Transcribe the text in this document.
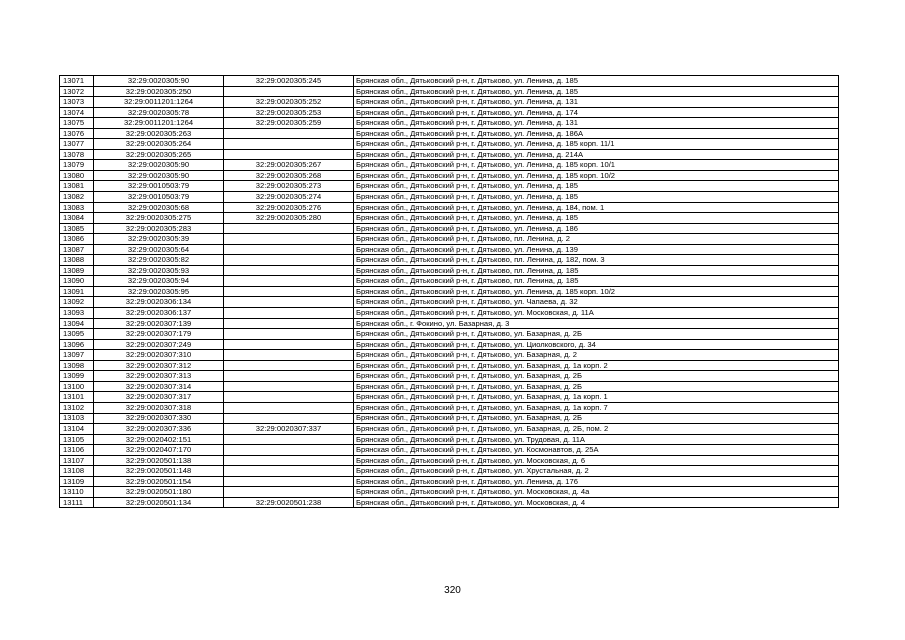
13071	32:29:0020305:90	32:29:0020305:245	Брянская обл., Дятьковский р-н, г. Дятьково, ул. Ленина, д. 185
13072	32:29:0020305:250		Брянская обл., Дятьковский р-н, г. Дятьково, ул. Ленина, д. 185
13073	32:29:0011201:1264	32:29:0020305:252	Брянская обл., Дятьковский р-н, г. Дятьково, ул. Ленина, д. 131
13074	32:29:0020305:78	32:29:0020305:253	Брянская обл., Дятьковский р-н, г. Дятьково, ул. Ленина, д. 174
13075	32:29:0011201:1264	32:29:0020305:259	Брянская обл., Дятьковский р-н, г. Дятьково, ул. Ленина, д. 131
13076	32:29:0020305:263		Брянская обл., Дятьковский р-н, г. Дятьково, ул. Ленина, д. 186А
13077	32:29:0020305:264		Брянская обл., Дятьковский р-н, г. Дятьково, ул. Ленина, д. 185 корп. 11/1
13078	32:29:0020305:265		Брянская обл., Дятьковский р-н, г. Дятьково, ул. Ленина, д. 214А
13079	32:29:0020305:90	32:29:0020305:267	Брянская обл., Дятьковский р-н, г. Дятьково, ул. Ленина, д. 185 корп. 10/1
13080	32:29:0020305:90	32:29:0020305:268	Брянская обл., Дятьковский р-н, г. Дятьково, ул. Ленина, д. 185 корп. 10/2
13081	32:29:0010503:79	32:29:0020305:273	Брянская обл., Дятьковский р-н, г. Дятьково, ул. Ленина, д. 185
13082	32:29:0010503:79	32:29:0020305:274	Брянская обл., Дятьковский р-н, г. Дятьково, ул. Ленина, д. 185
13083	32:29:0020305:68	32:29:0020305:276	Брянская обл., Дятьковский р-н, г. Дятьково, ул. Ленина, д. 184, пом. 1
13084	32:29:0020305:275	32:29:0020305:280	Брянская обл., Дятьковский р-н, г. Дятьково, ул. Ленина, д. 185
13085	32:29:0020305:283		Брянская обл., Дятьковский р-н, г. Дятьково, ул. Ленина, д. 186
13086	32:29:0020305:39		Брянская обл., Дятьковский р-н, г. Дятьково, пл. Ленина, д. 2
13087	32:29:0020305:64		Брянская обл., Дятьковский р-н, г. Дятьково, ул. Ленина, д. 139
13088	32:29:0020305:82		Брянская обл., Дятьковский р-н, г. Дятьково, пл. Ленина, д. 182, пом. 3
13089	32:29:0020305:93		Брянская обл., Дятьковский р-н, г. Дятьково, пл. Ленина, д. 185
13090	32:29:0020305:94		Брянская обл., Дятьковский р-н, г. Дятьково, пл. Ленина, д. 185
13091	32:29:0020305:95		Брянская обл., Дятьковский р-н, г. Дятьково, ул. Ленина, д. 185 корп. 10/2
13092	32:29:0020306:134		Брянская обл., Дятьковский р-н, г. Дятьково, ул. Чапаева, д. 32
13093	32:29:0020306:137		Брянская обл., Дятьковский р-н, г. Дятьково, ул. Московская, д. 11А
13094	32:29:0020307:139		Брянская обл., г. Фокино, ул. Базарная, д. 3
13095	32:29:0020307:179		Брянская обл., Дятьковский р-н, г. Дятьково, ул. Базарная, д. 2Б
13096	32:29:0020307:249		Брянская обл., Дятьковский р-н, г. Дятьково, ул. Циолковского, д. 34
13097	32:29:0020307:310		Брянская обл., Дятьковский р-н, г. Дятьково, ул. Базарная, д. 2
13098	32:29:0020307:312		Брянская обл., Дятьковский р-н, г. Дятьково, ул. Базарная, д. 1а корп. 2
13099	32:29:0020307:313		Брянская обл., Дятьковский р-н, г. Дятьково, ул. Базарная, д. 2Б
13100	32:29:0020307:314		Брянская обл., Дятьковский р-н, г. Дятьково, ул. Базарная, д. 2Б
13101	32:29:0020307:317		Брянская обл., Дятьковский р-н, г. Дятьково, ул. Базарная, д. 1а корп. 1
13102	32:29:0020307:318		Брянская обл., Дятьковский р-н, г. Дятьково, ул. Базарная, д. 1а корп. 7
13103	32:29:0020307:330		Брянская обл., Дятьковский р-н, г. Дятьково, ул. Базарная, д. 2Б
13104	32:29:0020307:336	32:29:0020307:337	Брянская обл., Дятьковский р-н, г. Дятьково, ул. Базарная, д. 2Б, пом. 2
13105	32:29:0020402:151		Брянская обл., Дятьковский р-н, г. Дятьково, ул. Трудовая, д. 11А
13106	32:29:0020407:170		Брянская обл., Дятьковский р-н, г. Дятьково, ул. Космонавтов, д. 25А
13107	32:29:0020501:138		Брянская обл., Дятьковский р-н, г. Дятьково, ул. Московская, д. 6
13108	32:29:0020501:148		Брянская обл., Дятьковский р-н, г. Дятьково, ул. Хрустальная, д. 2
13109	32:29:0020501:154		Брянская обл., Дятьковский р-н, г. Дятьково, ул. Ленина, д. 176
13110	32:29:0020501:180		Брянская обл., Дятьковский р-н, г. Дятьково, ул. Московская, д. 4а
13111	32:29:0020501:134	32:29:0020501:238	Брянская обл., Дятьковский р-н, г. Дятьково, ул. Московская, д. 4
320
